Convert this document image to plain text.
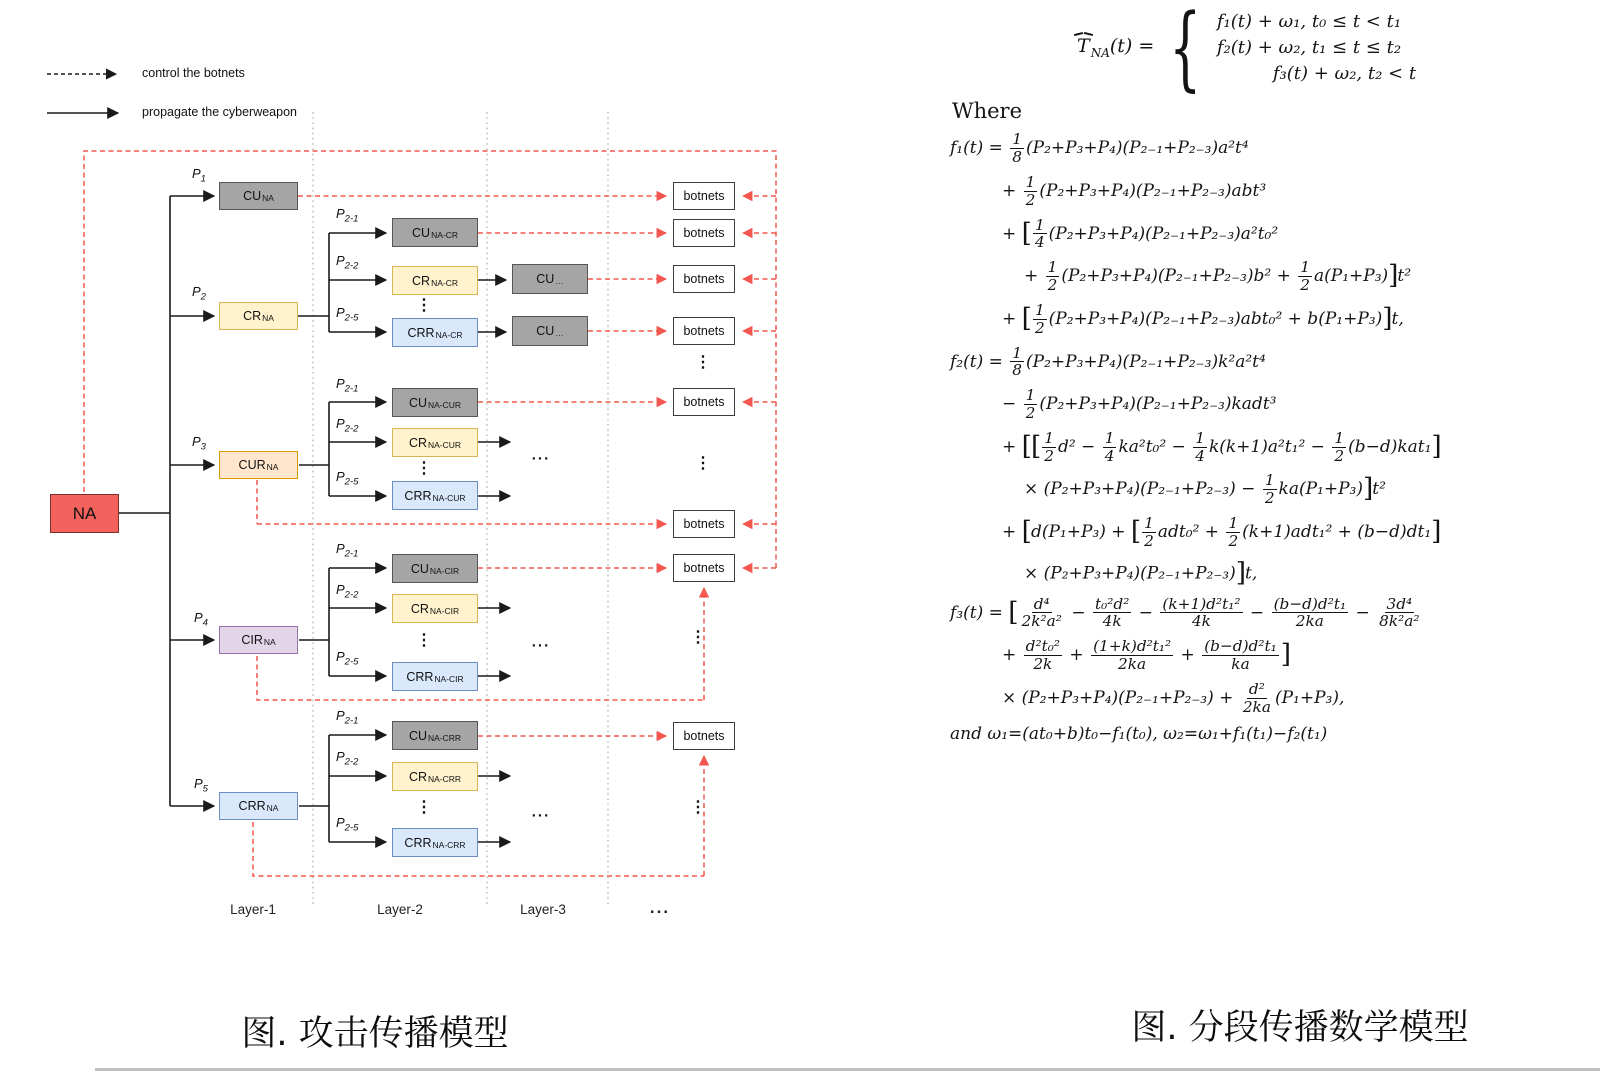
control the botnets
propagate the cyberweapon
NA
$CU_{NA}$
$CR_{NA}$
$CUR_{NA}$
$CIR_{NA}$
$CRR_{NA}$
$CU_{NA-CR}$
$CR_{NA-CR}$
$CRR_{NA-CR}$
$CU_{NA-CUR}$
$CR_{NA-CUR}$
$CRR_{NA-CUR}$
$CU_{NA-CIR}$
$CR_{NA-CIR}$
$CRR_{NA-CIR}$
$CU_{NA-CRR}$
$CR_{NA-CRR}$
$CRR_{NA-CRR}$
$CU_\dots$
$CU_\dots$
botnets
botnets
botnets
botnets
botnets
botnets
botnets
botnets
$P_1$
$P_2$
$P_3$
$P_4$
$P_5$
$P_{2-1}$
$P_{2-2}$
$P_{2-5}$
$P_{2-1}$
$P_{2-2}$
$P_{2-5}$
$P_{2-1}$
$P_{2-2}$
$P_{2-5}$
$P_{2-1}$
$P_{2-2}$
$P_{2-5}$
⋮
⋮
⋮
⋮
⋮
⋮
⋮
⋮
...
...
...
Layer-1	Layer-2	Layer-3	...
$T_{NA}(t)$ = { f₁(t) + ω₁, t₀ ≤ t < t₁
f₂(t) + ω₂, t₁ ≤ t ≤ t₂
f₃(t) + ω₂, t₂ < t
Where
$f_1(t) = \frac{1}{8} (P_2+P_3+P_4)(P_{2-1}+P_{2-3})a^2t^4$
+ $\frac{1}{2} (P_2+P_3+P_4)(P_{2-1}+P_{2-3})abt^3$
+ [ $\frac{1}{4} (P_2+P_3+P_4)(P_{2-1}+P_{2-3})a^2t_0^2$
+ $\frac{1}{2} (P_2+P_3+P_4)(P_{2-1}+P_{2-3})b^2 + \frac{1}{2} a(P_1+P_3)]t^2$
+ [ $\frac{1}{2} (P_2+P_3+P_4)(P_{2-1}+P_{2-3})abt_0^2 + b(P_1+P_3)]t$,
$f_2(t) = \frac{1}{8} (P_2+P_3+P_4)(P_{2-1}+P_{2-3})k^2a^2t^4$
− $\frac{1}{2}$ (P₂+P₃+P₄)(P₂₋₁+P₂₋₃)kadt³
+ [[ $\frac{1}{2} d^2 - \frac{1}{4} ka^2t_0^2 - \frac{1}{4} k(k+1)a^2t_1^2 - \frac{1}{2} (b-d)kat_1$]
× $(P_2+P_3+P_4)(P_{2-1}+P_{2-3}) - \frac{1}{2} ka(P_1+P_3)]t^2$
+ [d(P₁+P₃) + [ $\frac{1}{2} adt_0^2 + \frac{1}{2} (k+1)adt_1^2 + (b-d)dt_1$]
× (P₂+P₃+P₄)(P₂₋₁+P₂₋₃)]t,
f₃(t) = [ $\frac{\text{d⁴}}{\text{2k²a²}} - \frac{\text{t₀²d²}}{4k} - \frac{\text{(k+1)d²t₁²}}{4k} - \frac{\text{(b−d)d²t₁}}{2ka} - \frac{\text{3d⁴}}{\text{8k²a²}}$
+ $\frac{\text{d²t₀²}}{2k} + \frac{\text{(1+k)d²t₁²}}{2ka} + \frac{\text{(b−d)d²t₁}}{ka}$ ]
× $(P_2+P_3+P_4)(P_{2-1}+P_{2-3}) + \frac{\text{d²}}{2ka} (P_1+P_3)$,
and ω₁=(at₀+b)t₀−f₁(t₀), ω₂=ω₁+f₁(t₁)−f₂(t₁)
图. 攻击传播模型	图. 分段传播数学模型
